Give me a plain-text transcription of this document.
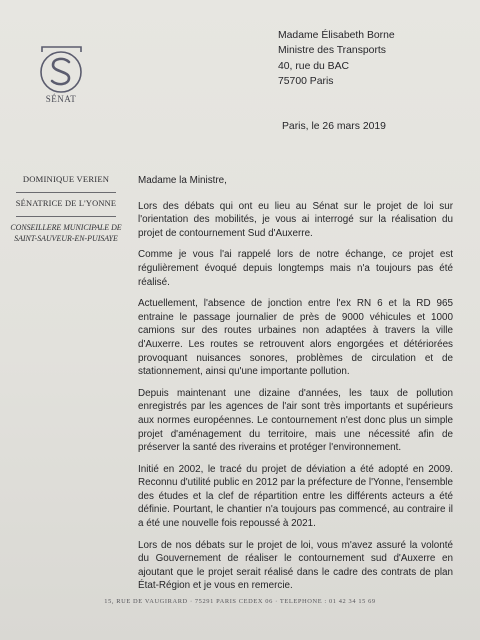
SÉNAT
Madame Élisabeth Borne
Ministre des Transports
40, rue du BAC
75700 Paris
Paris, le 26 mars 2019
DOMINIQUE VERIEN
SÉNATRICE DE L'YONNE
CONSEILLERE MUNICIPALE DE SAINT-SAUVEUR-EN-PUISAYE

Madame la Ministre,

Lors des débats qui ont eu lieu au Sénat sur le projet de loi sur l'orientation des mobilités, je vous ai interrogé sur la réalisation du projet de contournement Sud d'Auxerre.

Comme je vous l'ai rappelé lors de notre échange, ce projet est régulièrement évoqué depuis longtemps mais n'a toujours pas été réalisé.

Actuellement, l'absence de jonction entre l'ex RN 6 et la RD 965 entraine le passage journalier de près de 9000 véhicules et 1000 camions sur des routes urbaines non adaptées à travers la ville d'Auxerre. Les routes se retrouvent alors engorgées et détériorées provoquant nuisances sonores, problèmes de circulation et de stationnement, ainsi qu'une importante pollution.

Depuis maintenant une dizaine d'années, les taux de pollution enregistrés par les agences de l'air sont très importants et supérieurs aux normes européennes. Le contournement n'est donc plus un simple projet d'aménagement du territoire, mais une nécessité afin de préserver la santé des riverains et protéger l'environnement.

Initié en 2002, le tracé du projet de déviation a été adopté en 2009. Reconnu d'utilité public en 2012 par la préfecture de l'Yonne, l'ensemble des études et la clef de répartition entre les différents acteurs a été définie. Pourtant, le chantier n'a toujours pas commencé, au contraire il a été une nouvelle fois repoussé à 2021.

Lors de nos débats sur le projet de loi, vous m'avez assuré la volonté du Gouvernement de réaliser le contournement sud d'Auxerre en ajoutant que le projet serait réalisé dans le cadre des contrats de plan État-Région et je vous en remercie.

15, RUE DE VAUGIRARD · 75291 PARIS CEDEX 06 · TELEPHONE : 01 42 34 15 69
